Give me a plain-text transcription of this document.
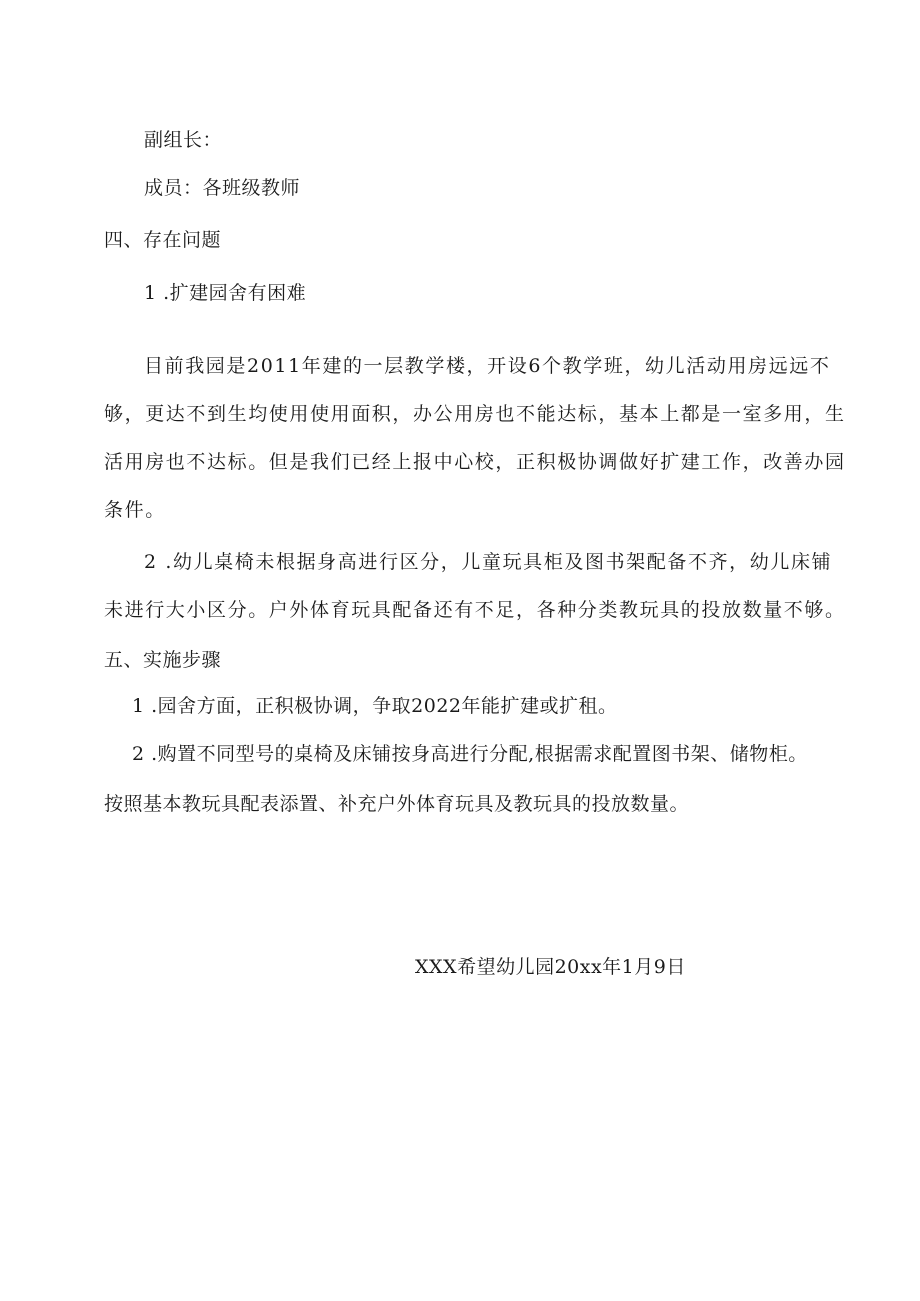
副组长：
成员：各班级教师
四、存在问题
1 .扩建园舍有困难
目前我园是2011年建的一层教学楼，开设6个教学班，幼儿活动用房远远不
够，更达不到生均使用使用面积，办公用房也不能达标，基本上都是一室多用，生
活用房也不达标。但是我们已经上报中心校，正积极协调做好扩建工作，改善办园
条件。
2 .幼儿桌椅未根据身高进行区分，儿童玩具柜及图书架配备不齐，幼儿床铺
未进行大小区分。户外体育玩具配备还有不足，各种分类教玩具的投放数量不够。
五、实施步骤
1 .园舍方面，正积极协调，争取2022年能扩建或扩租。
2 .购置不同型号的桌椅及床铺按身高进行分配,根据需求配置图书架、储物柜。
按照基本教玩具配表添置、补充户外体育玩具及教玩具的投放数量。
XXX希望幼儿园20xx年1月9日
